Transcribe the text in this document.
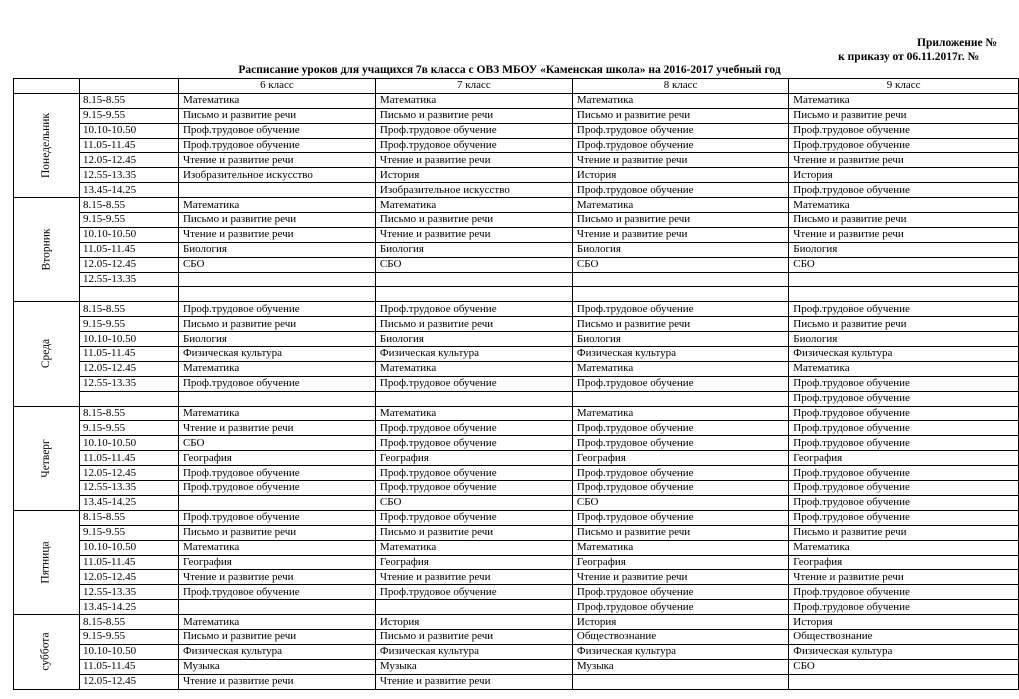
Приложение №
к приказу от 06.11.2017г. №
Расписание уроков для учащихся 7в класса с ОВЗ МБОУ «Каменская школа» на 2016-2017 учебный год
		6 класс	7 класс	8 класс	9 класс
Понедельник	8.15-8.55	Математика	Математика	Математика	Математика
	9.15-9.55	Письмо и развитие речи	Письмо и развитие речи	Письмо и развитие речи	Письмо и развитие речи
	10.10-10.50	Проф.трудовое обучение	Проф.трудовое обучение	Проф.трудовое обучение	Проф.трудовое обучение
	11.05-11.45	Проф.трудовое обучение	Проф.трудовое обучение	Проф.трудовое обучение	Проф.трудовое обучение
	12.05-12.45	Чтение и развитие речи	Чтение и развитие речи	Чтение и развитие речи	Чтение и развитие речи
	12.55-13.35	Изобразительное искусство	История	История	История
	13.45-14.25		Изобразительное искусство	Проф.трудовое обучение	Проф.трудовое обучение
Вторник	8.15-8.55	Математика	Математика	Математика	Математика
	9.15-9.55	Письмо и развитие речи	Письмо и развитие речи	Письмо и развитие речи	Письмо и развитие речи
	10.10-10.50	Чтение и развитие речи	Чтение и развитие речи	Чтение и развитие речи	Чтение и развитие речи
	11.05-11.45	Биология	Биология	Биология	Биология
	12.05-12.45	СБО	СБО	СБО	СБО
	12.55-13.35				

Среда	8.15-8.55	Проф.трудовое обучение	Проф.трудовое обучение	Проф.трудовое обучение	Проф.трудовое обучение
	9.15-9.55	Письмо и развитие речи	Письмо и развитие речи	Письмо и развитие речи	Письмо и развитие речи
	10.10-10.50	Биология	Биология	Биология	Биология
	11.05-11.45	Физическая культура	Физическая культура	Физическая культура	Физическая культура
	12.05-12.45	Математика	Математика	Математика	Математика
	12.55-13.35	Проф.трудовое обучение	Проф.трудовое обучение	Проф.трудовое обучение	Проф.трудовое обучение
					Проф.трудовое обучение
Четверг	8.15-8.55	Математика	Математика	Математика	Проф.трудовое обучение
	9.15-9.55	Чтение и развитие речи	Проф.трудовое обучение	Проф.трудовое обучение	Проф.трудовое обучение
	10.10-10.50	СБО	Проф.трудовое обучение	Проф.трудовое обучение	Проф.трудовое обучение
	11.05-11.45	География	География	География	География
	12.05-12.45	Проф.трудовое обучение	Проф.трудовое обучение	Проф.трудовое обучение	Проф.трудовое обучение
	12.55-13.35	Проф.трудовое обучение	Проф.трудовое обучение	Проф.трудовое обучение	Проф.трудовое обучение
	13.45-14.25		СБО	СБО	Проф.трудовое обучение
Пятница	8.15-8.55	Проф.трудовое обучение	Проф.трудовое обучение	Проф.трудовое обучение	Проф.трудовое обучение
	9.15-9.55	Письмо и развитие речи	Письмо и развитие речи	Письмо и развитие речи	Письмо и развитие речи
	10.10-10.50	Математика	Математика	Математика	Математика
	11.05-11.45	География	География	География	География
	12.05-12.45	Чтение и развитие речи	Чтение и развитие речи	Чтение и развитие речи	Чтение и развитие речи
	12.55-13.35	Проф.трудовое обучение	Проф.трудовое обучение	Проф.трудовое обучение	Проф.трудовое обучение
	13.45-14.25			Проф.трудовое обучение	Проф.трудовое обучение
суббота	8.15-8.55	Математика	История	История	История
	9.15-9.55	Письмо и развитие речи	Письмо и развитие речи	Обществознание	Обществознание
	10.10-10.50	Физическая культура	Физическая культура	Физическая культура	Физическая культура
	11.05-11.45	Музыка	Музыка	Музыка	СБО
	12.05-12.45	Чтение и развитие речи	Чтение и развитие речи		
